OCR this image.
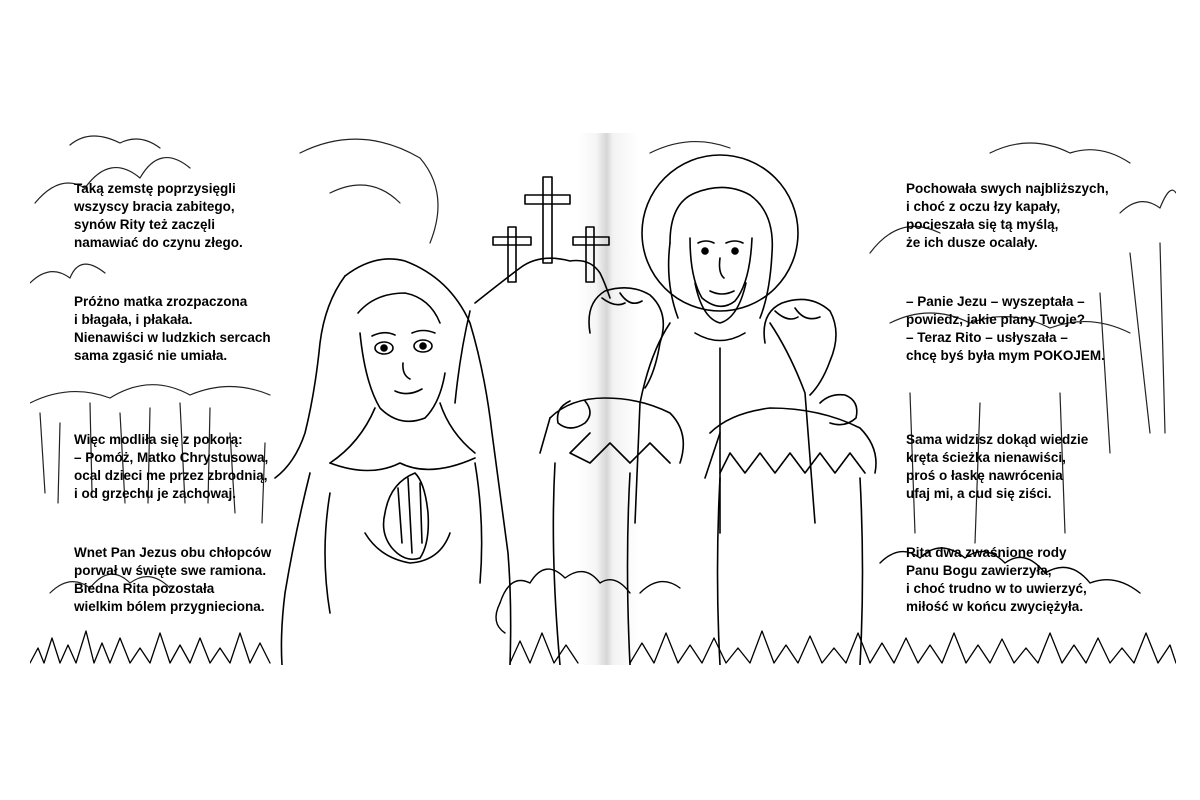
Taką zemstę poprzysięgli
wszyscy bracia zabitego,
synów Rity też zaczęli
namawiać do czynu złego.

Próżno matka zrozpaczona
i błagała, i płakała.
Nienawiści w ludzkich sercach
sama zgasić nie umiała.

Więc modliła się z pokorą:
– Pomóż, Matko Chrystusowa,
ocal dzieci me przez zbrodnią,
i od grzechu je zachowaj.

Wnet Pan Jezus obu chłopców
porwał w święte swe ramiona.
Biedna Rita pozostała
wielkim bólem przygnieciona.

Pochowała swych najbliższych,
i choć z oczu łzy kapały,
pocieszała się tą myślą,
że ich dusze ocalały.

– Panie Jezu – wyszeptała –
powiedz, jakie plany Twoje?
– Teraz Rito – usłyszała –
chcę byś była mym POKOJEM.

Sama widzisz dokąd wiedzie
kręta ścieżka nienawiści,
proś o łaskę nawrócenia
ufaj mi, a cud się ziści.

Rita dwa zwaśnione rody
Panu Bogu zawierzyła,
i choć trudno w to uwierzyć,
miłość w końcu zwyciężyła.
